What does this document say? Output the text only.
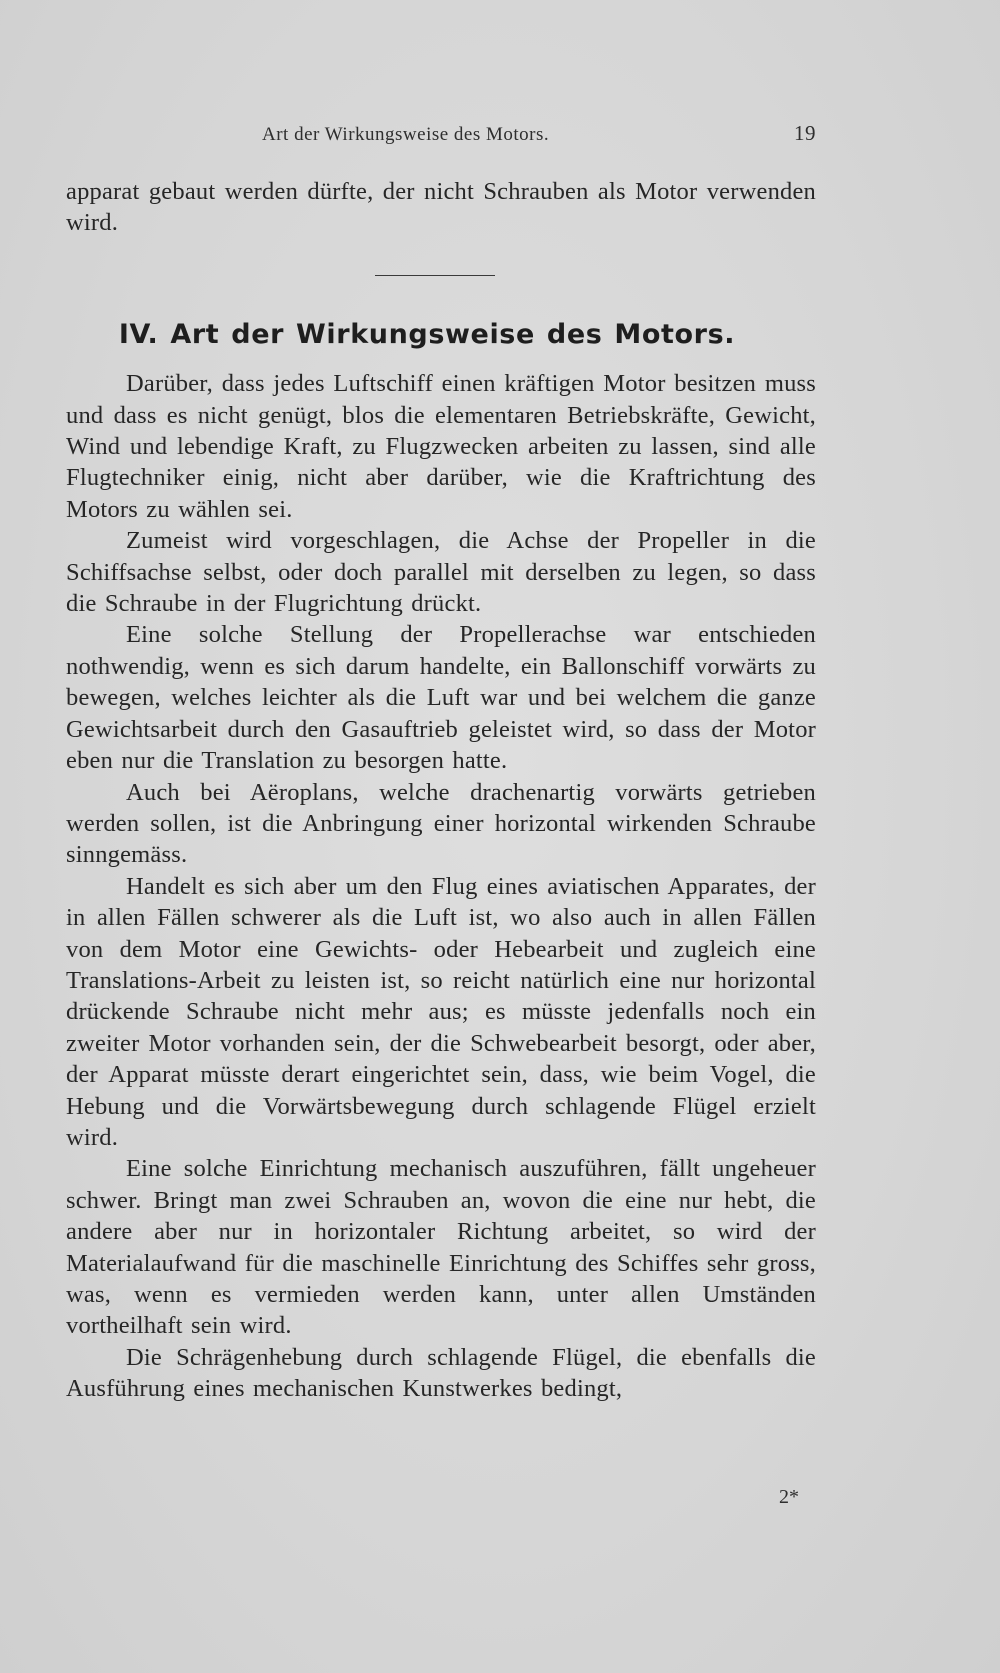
Art der Wirkungsweise des Motors.	19

apparat gebaut werden dürfte, der nicht Schrauben als Motor verwenden wird.

IV. Art der Wirkungsweise des Motors.

Darüber, dass jedes Luftschiff einen kräftigen Motor besitzen muss und dass es nicht genügt, blos die elementaren Betriebskräfte, Gewicht, Wind und lebendige Kraft, zu Flugzwecken arbeiten zu lassen, sind alle Flugtechniker einig, nicht aber darüber, wie die Kraftrichtung des Motors zu wählen sei.

Zumeist wird vorgeschlagen, die Achse der Propeller in die Schiffsachse selbst, oder doch parallel mit derselben zu legen, so dass die Schraube in der Flugrichtung drückt.

Eine solche Stellung der Propellerachse war entschieden nothwendig, wenn es sich darum handelte, ein Ballonschiff vorwärts zu bewegen, welches leichter als die Luft war und bei welchem die ganze Gewichtsarbeit durch den Gasauftrieb geleistet wird, so dass der Motor eben nur die Translation zu besorgen hatte.

Auch bei Aëroplans, welche drachenartig vorwärts getrieben werden sollen, ist die Anbringung einer horizontal wirkenden Schraube sinngemäss.

Handelt es sich aber um den Flug eines aviatischen Apparates, der in allen Fällen schwerer als die Luft ist, wo also auch in allen Fällen von dem Motor eine Gewichts- oder Hebearbeit und zugleich eine Translations-Arbeit zu leisten ist, so reicht natürlich eine nur horizontal drückende Schraube nicht mehr aus; es müsste jedenfalls noch ein zweiter Motor vorhanden sein, der die Schwebearbeit besorgt, oder aber, der Apparat müsste derart eingerichtet sein, dass, wie beim Vogel, die Hebung und die Vorwärtsbewegung durch schlagende Flügel erzielt wird.

Eine solche Einrichtung mechanisch auszuführen, fällt ungeheuer schwer. Bringt man zwei Schrauben an, wovon die eine nur hebt, die andere aber nur in horizontaler Richtung arbeitet, so wird der Materialaufwand für die maschinelle Einrichtung des Schiffes sehr gross, was, wenn es vermieden werden kann, unter allen Umständen vortheilhaft sein wird.

Die Schrägenhebung durch schlagende Flügel, die ebenfalls die Ausführung eines mechanischen Kunstwerkes bedingt,

2*
